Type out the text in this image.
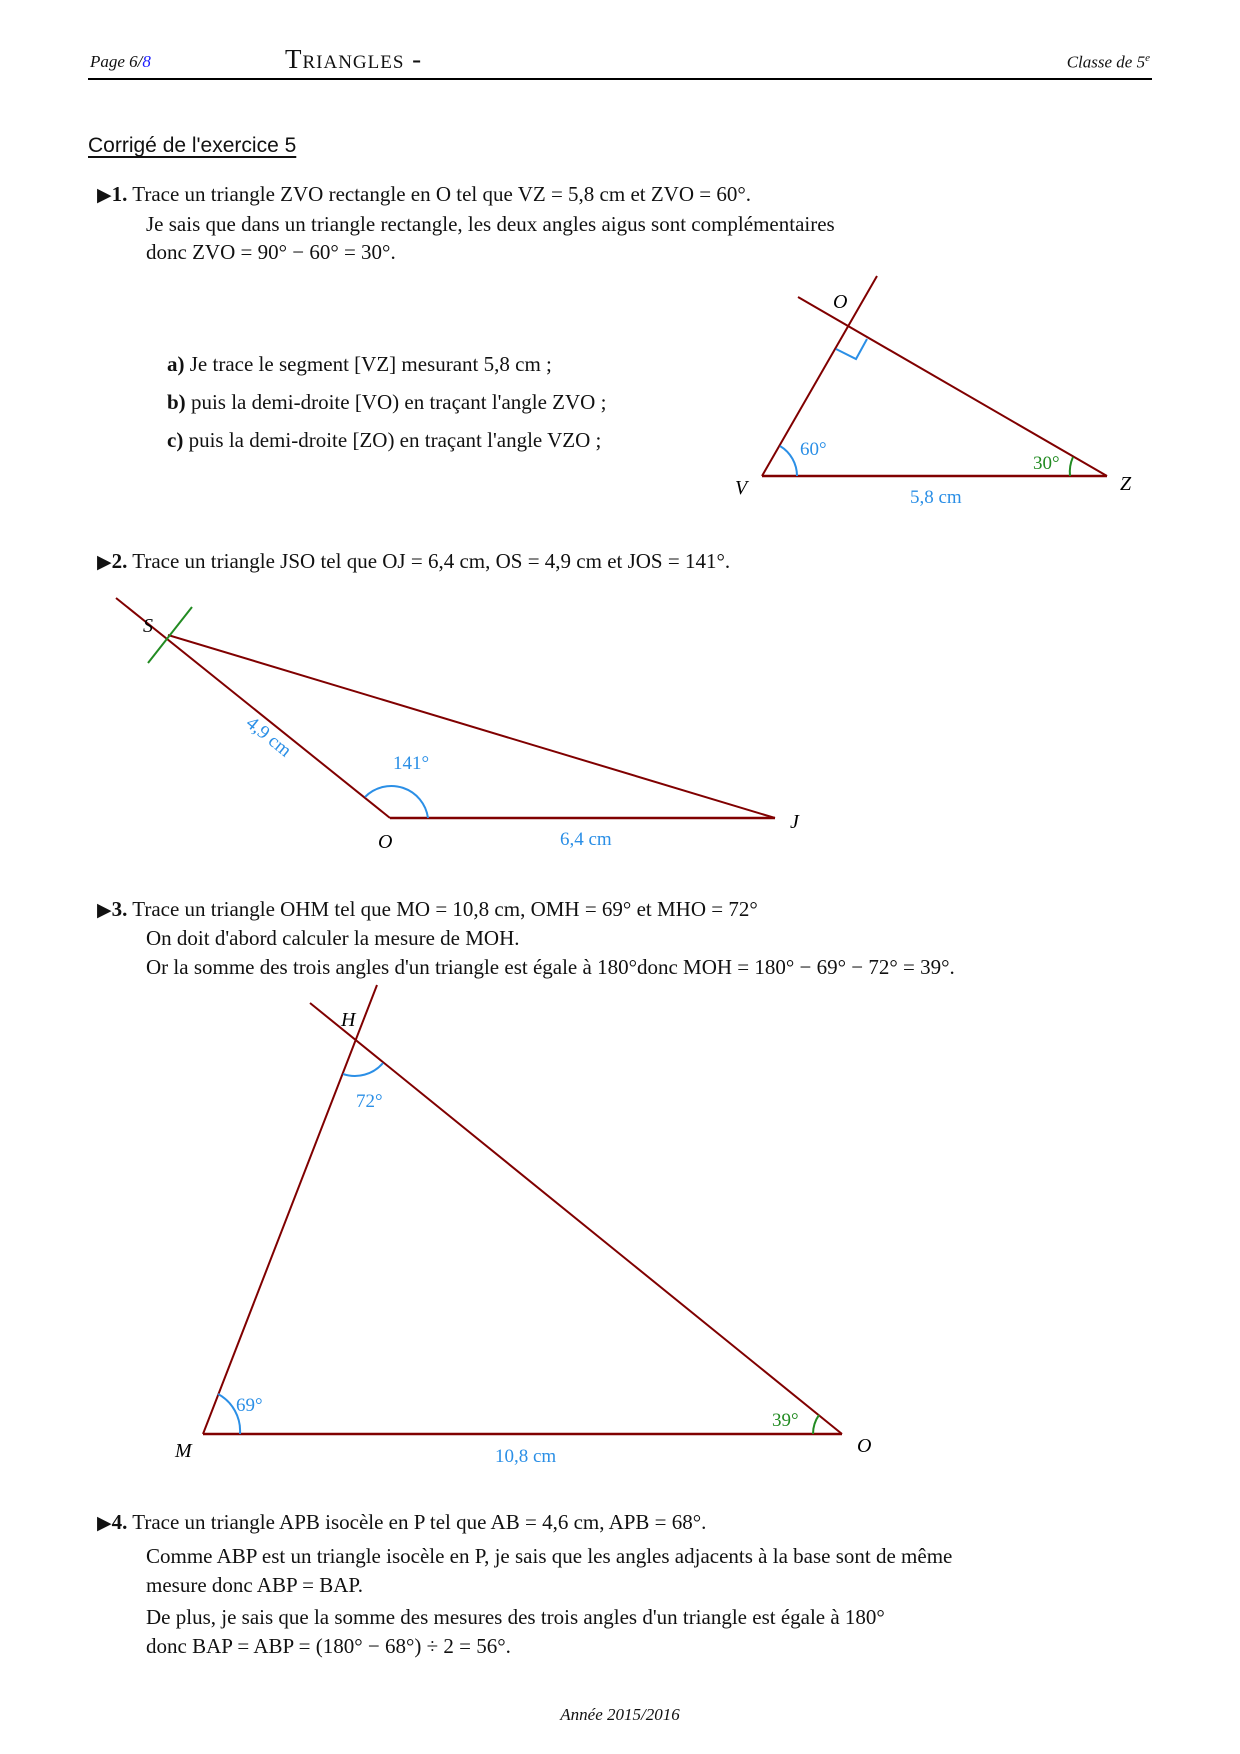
Page 6/8	Triangles -	Classe de 5e
Corrigé de l'exercice 5
▶1. Trace un triangle ZVO rectangle en O tel que VZ = 5,8 cm et ZVO = 60°.
Je sais que dans un triangle rectangle, les deux angles aigus sont complémentaires
donc ZVO = 90° − 60° = 30°.
a) Je trace le segment [VZ] mesurant 5,8 cm ;
b) puis la demi-droite [VO) en traçant l'angle ZVO ;
c) puis la demi-droite [ZO) en traçant l'angle VZO ;
O
V	Z
60°
30°
5,8 cm
S
O
J
141°
6,4 cm
4,9 cm
H
M	O
72°
69°
39°
10,8 cm
▶2. Trace un triangle JSO tel que OJ = 6,4 cm, OS = 4,9 cm et JOS = 141°.
▶3. Trace un triangle OHM tel que MO = 10,8 cm, OMH = 69° et MHO = 72°
On doit d'abord calculer la mesure de MOH.
Or la somme des trois angles d'un triangle est égale à 180°donc MOH = 180° − 69° − 72° = 39°.
▶4. Trace un triangle APB isocèle en P tel que AB = 4,6 cm, APB = 68°.
Comme ABP est un triangle isocèle en P, je sais que les angles adjacents à la base sont de même
mesure donc ABP = BAP.
De plus, je sais que la somme des mesures des trois angles d'un triangle est égale à 180°
donc BAP = ABP = (180° − 68°) ÷ 2 = 56°.
Année 2015/2016
